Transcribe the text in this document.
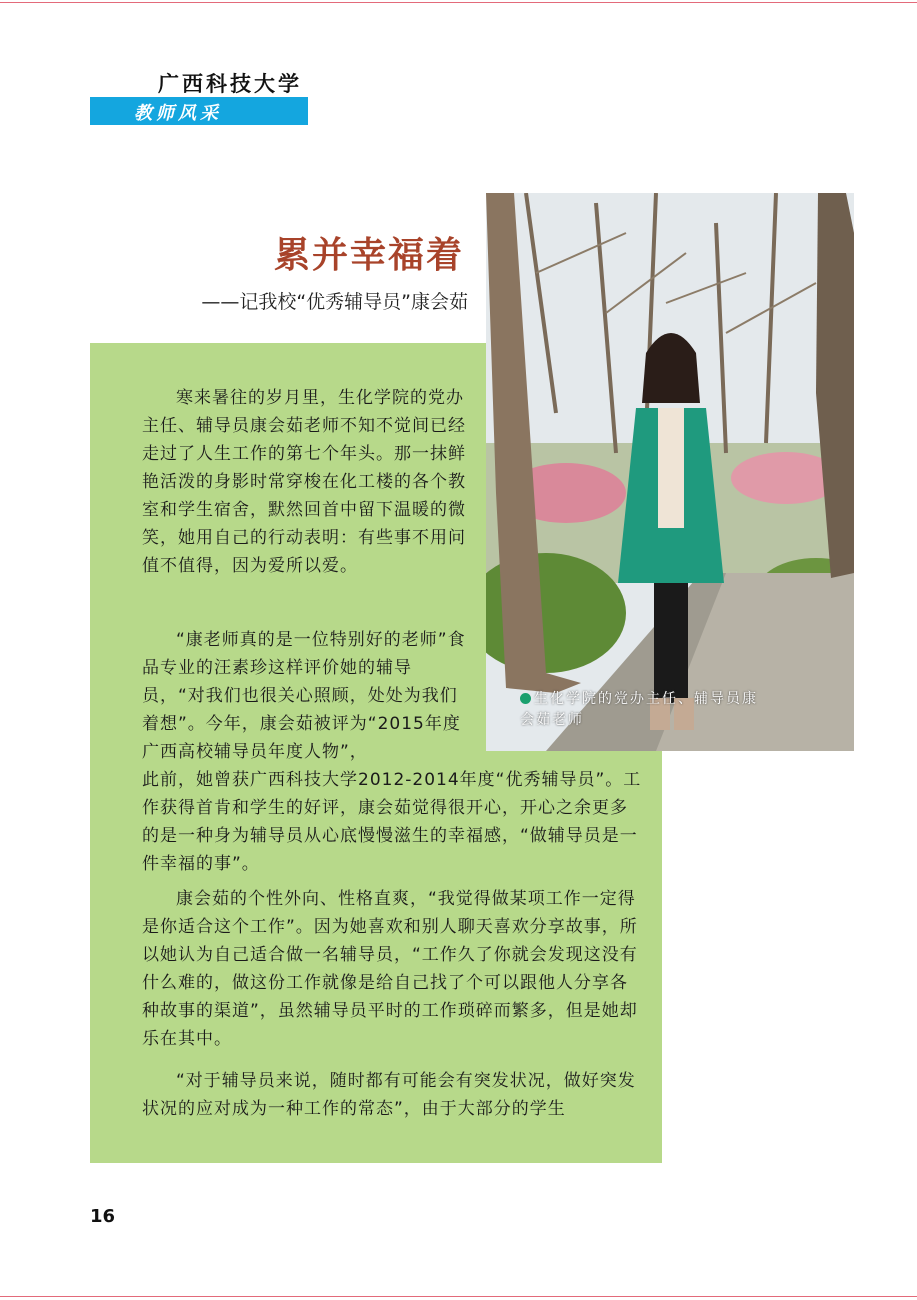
广西科技大学
教师风采
累并幸福着
——记我校“优秀辅导员”康会茹
生化学院的党办主任、辅导员康会茹老师

寒来暑往的岁月里，生化学院的党办主任、辅导员康会茹老师不知不觉间已经走过了人生工作的第七个年头。那一抹鲜艳活泼的身影时常穿梭在化工楼的各个教室和学生宿舍，默然回首中留下温暖的微笑，她用自己的行动表明：有些事不用问值不值得，因为爱所以爱。

“康老师真的是一位特别好的老师”食品专业的汪素珍这样评价她的辅导员，“对我们也很关心照顾，处处为我们着想”。今年，康会茹被评为“2015年度广西高校辅导员年度人物”，

此前，她曾获广西科技大学2012-2014年度“优秀辅导员”。工作获得首肯和学生的好评，康会茹觉得很开心，开心之余更多的是一种身为辅导员从心底慢慢滋生的幸福感，“做辅导员是一件幸福的事”。

康会茹的个性外向、性格直爽，“我觉得做某项工作一定得是你适合这个工作”。因为她喜欢和别人聊天喜欢分享故事，所以她认为自己适合做一名辅导员，“工作久了你就会发现这没有什么难的，做这份工作就像是给自己找了个可以跟他人分享各种故事的渠道”，虽然辅导员平时的工作琐碎而繁多，但是她却乐在其中。

“对于辅导员来说，随时都有可能会有突发状况，做好突发状况的应对成为一种工作的常态”，由于大部分的学生

16
